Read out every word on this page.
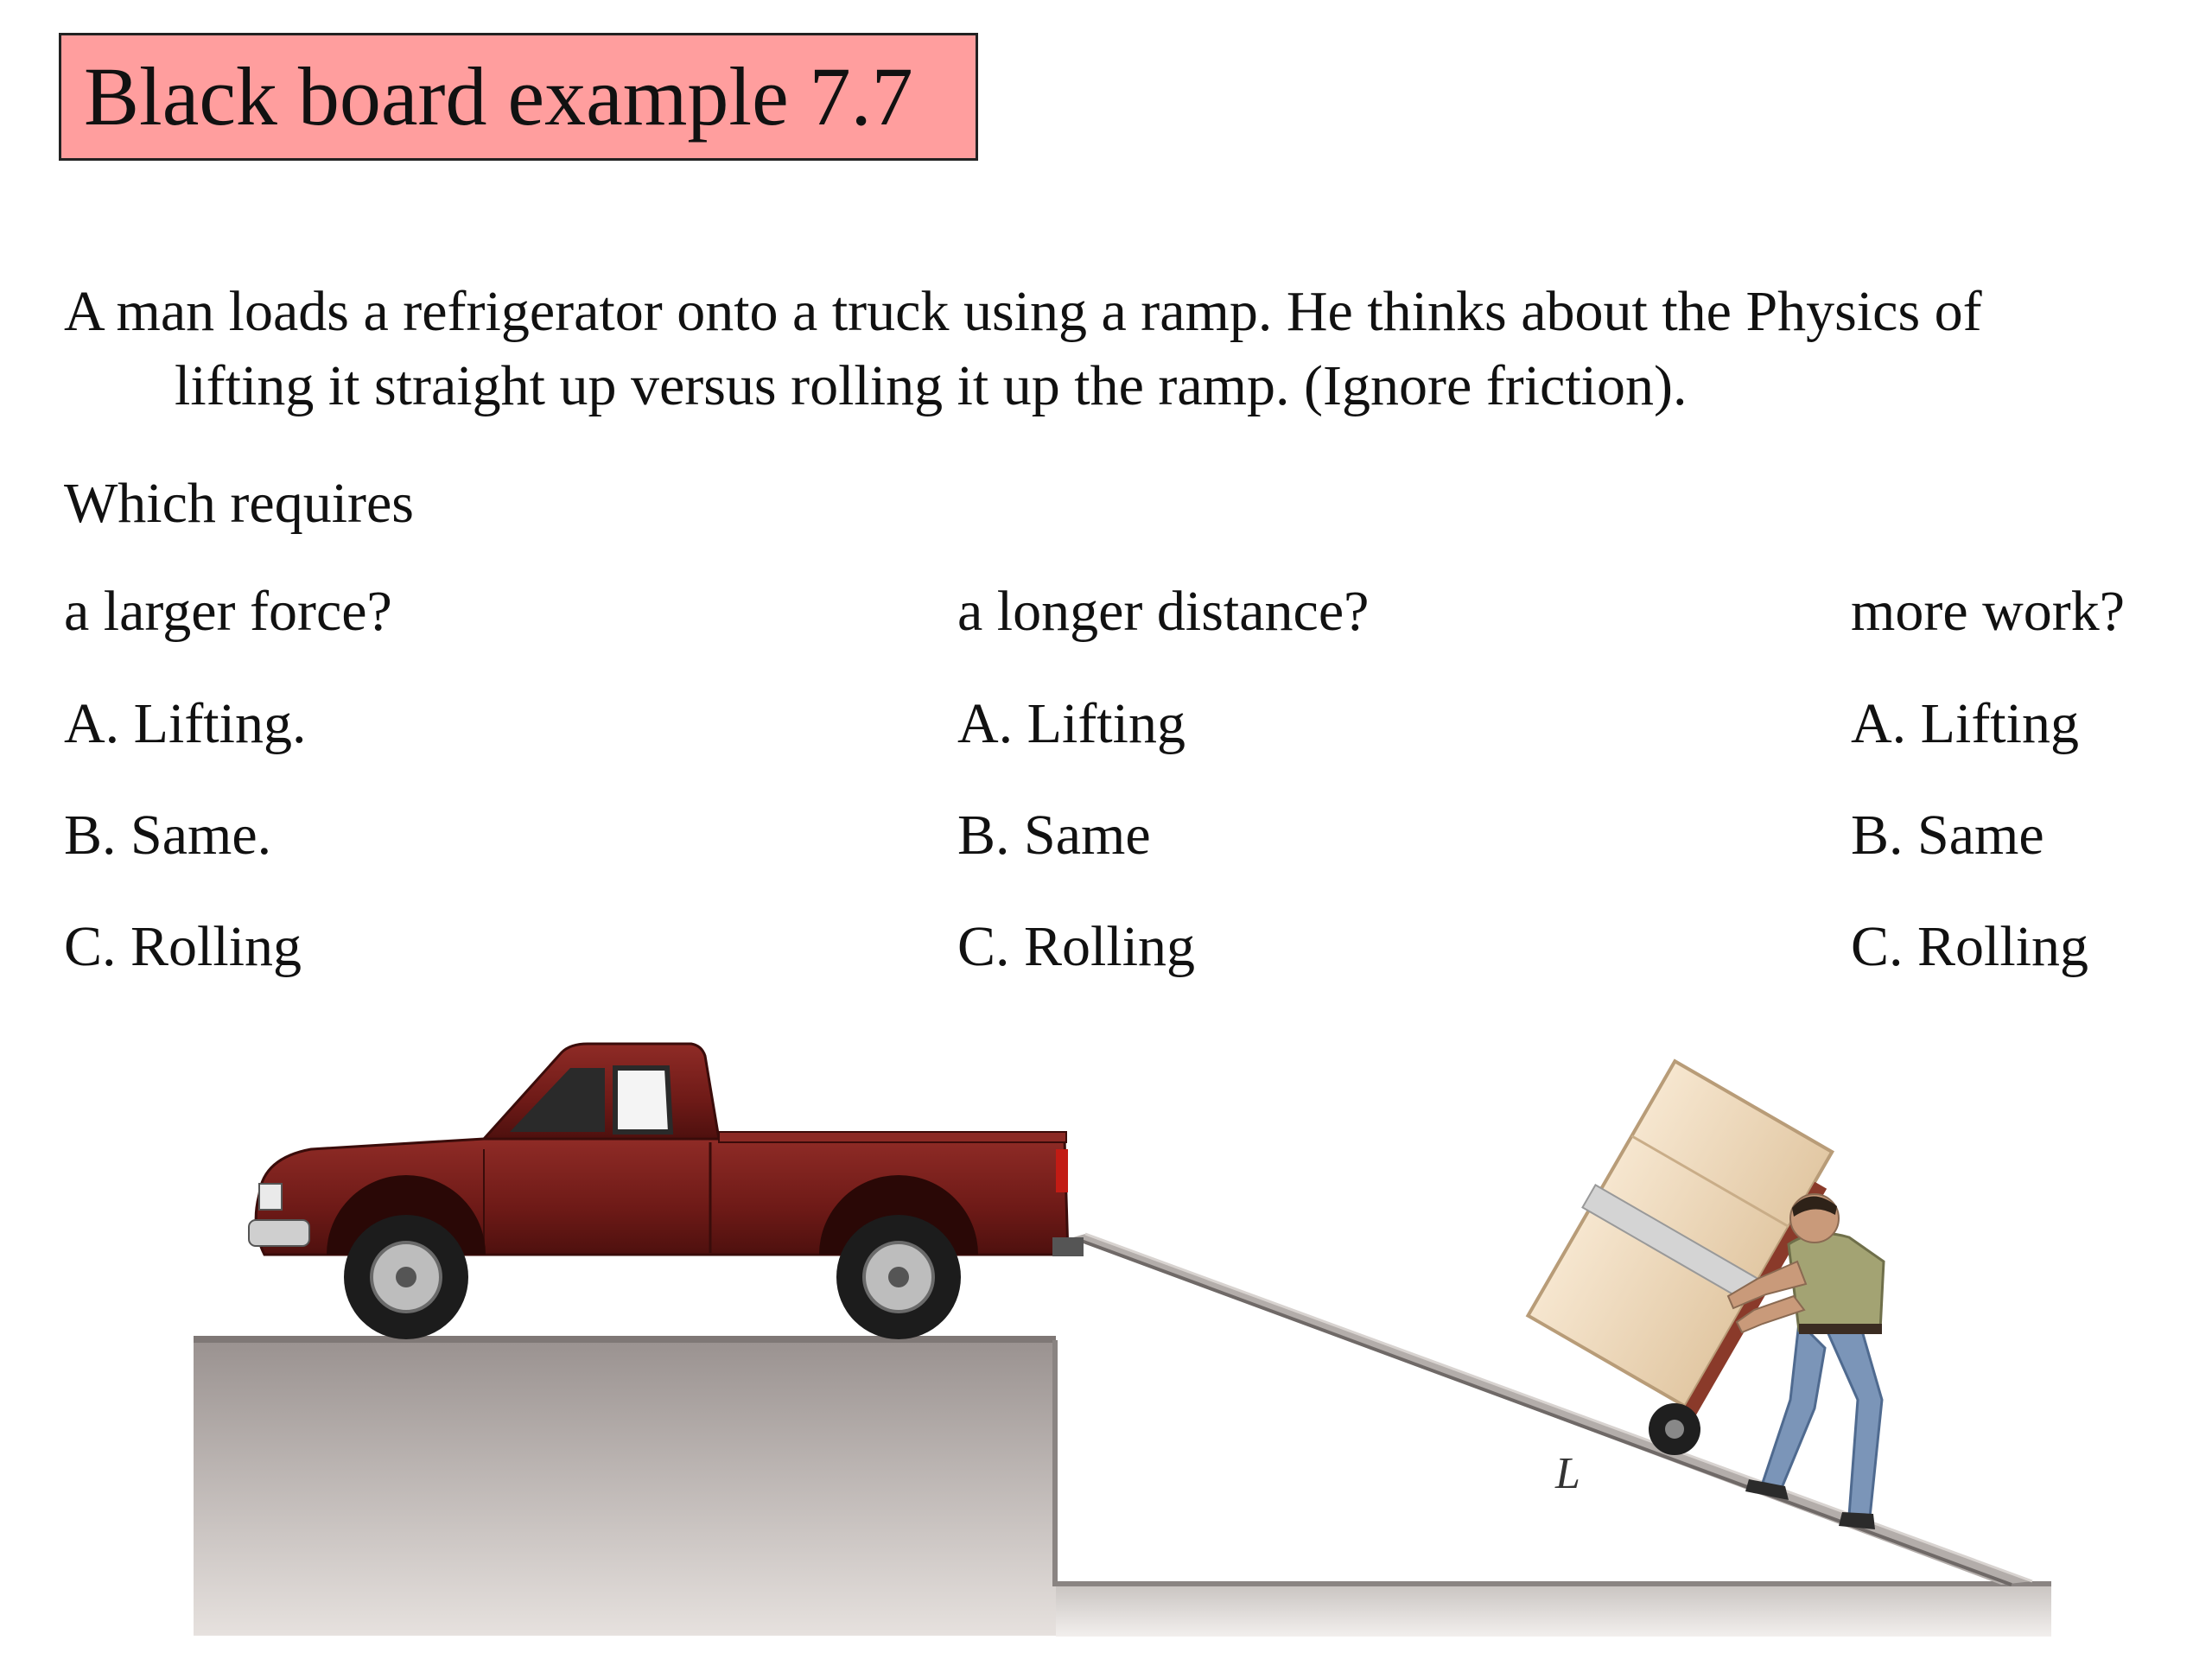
Black board example 7.7
A man loads a refrigerator onto a truck using a ramp. He thinks about the Physics of
lifting it straight up versus rolling it up the ramp. (Ignore friction).
Which requires
a larger force?
A. Lifting.
B. Same.
C. Rolling
a longer distance?
A. Lifting
B. Same
C. Rolling
more work?
A. Lifting
B. Same
C. Rolling
L
